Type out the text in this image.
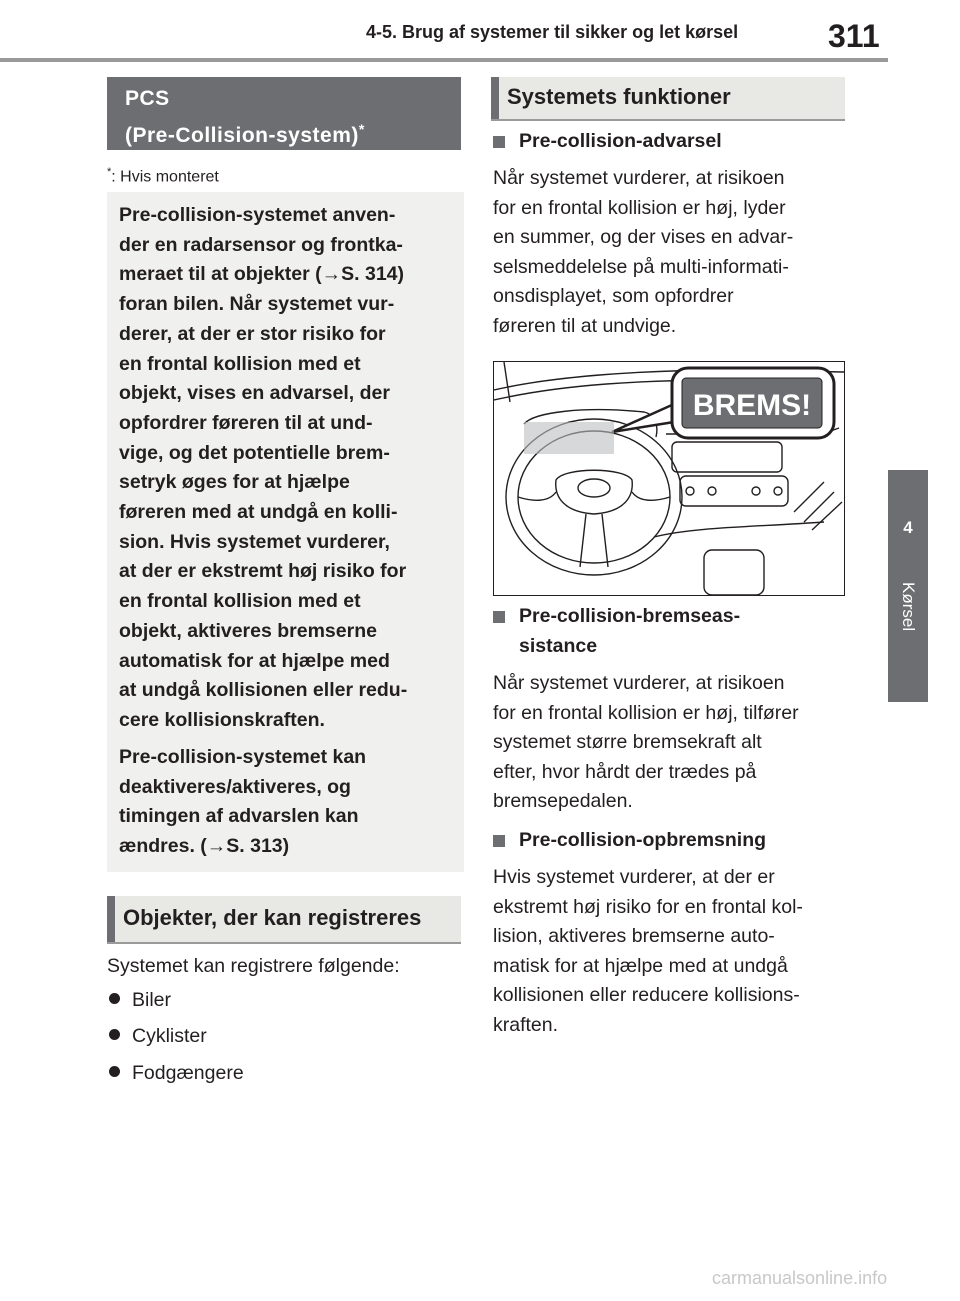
4-5. Brug af systemer til sikker og let kørsel	311
4
Kørsel
PCS
(Pre-Collision-system)*
*: Hvis monteret

Pre-collision-systemet anven-
der en radarsensor og frontka-
meraet til at objekter (→S. 314)
foran bilen. Når systemet vur-
derer, at der er stor risiko for
en frontal kollision med et
objekt, vises en advarsel, der
opfordrer føreren til at und-
vige, og det potentielle brem-
setryk øges for at hjælpe
føreren med at undgå en kolli-
sion. Hvis systemet vurderer,
at der er ekstremt høj risiko for
en frontal kollision med et
objekt, aktiveres bremserne
automatisk for at hjælpe med
at undgå kollisionen eller redu-
cere kollisionskraften.

Pre-collision-systemet kan
deaktiveres/aktiveres, og
timingen af advarslen kan
ændres. (→S. 313)

Objekter, der kan registreres
Systemet kan registrere følgende:
Biler
Cyklister
Fodgængere
Systemets funktioner
Pre-collision-advarsel
Når systemet vurderer, at risikoen
for en frontal kollision er høj, lyder
en summer, og der vises en advar-
selsmeddelelse på multi-informati-
onsdisplayet, som opfordrer
føreren til at undvige.
BREMS!
Pre-collision-bremseas-
sistance
Når systemet vurderer, at risikoen
for en frontal kollision er høj, tilfører
systemet større bremsekraft alt
efter, hvor hårdt der trædes på
bremsepedalen.
Pre-collision-opbremsning
Hvis systemet vurderer, at der er
ekstremt høj risiko for en frontal kol-
lision, aktiveres bremserne auto-
matisk for at hjælpe med at undgå
kollisionen eller reducere kollisions-
kraften.
carmanualsonline.info
